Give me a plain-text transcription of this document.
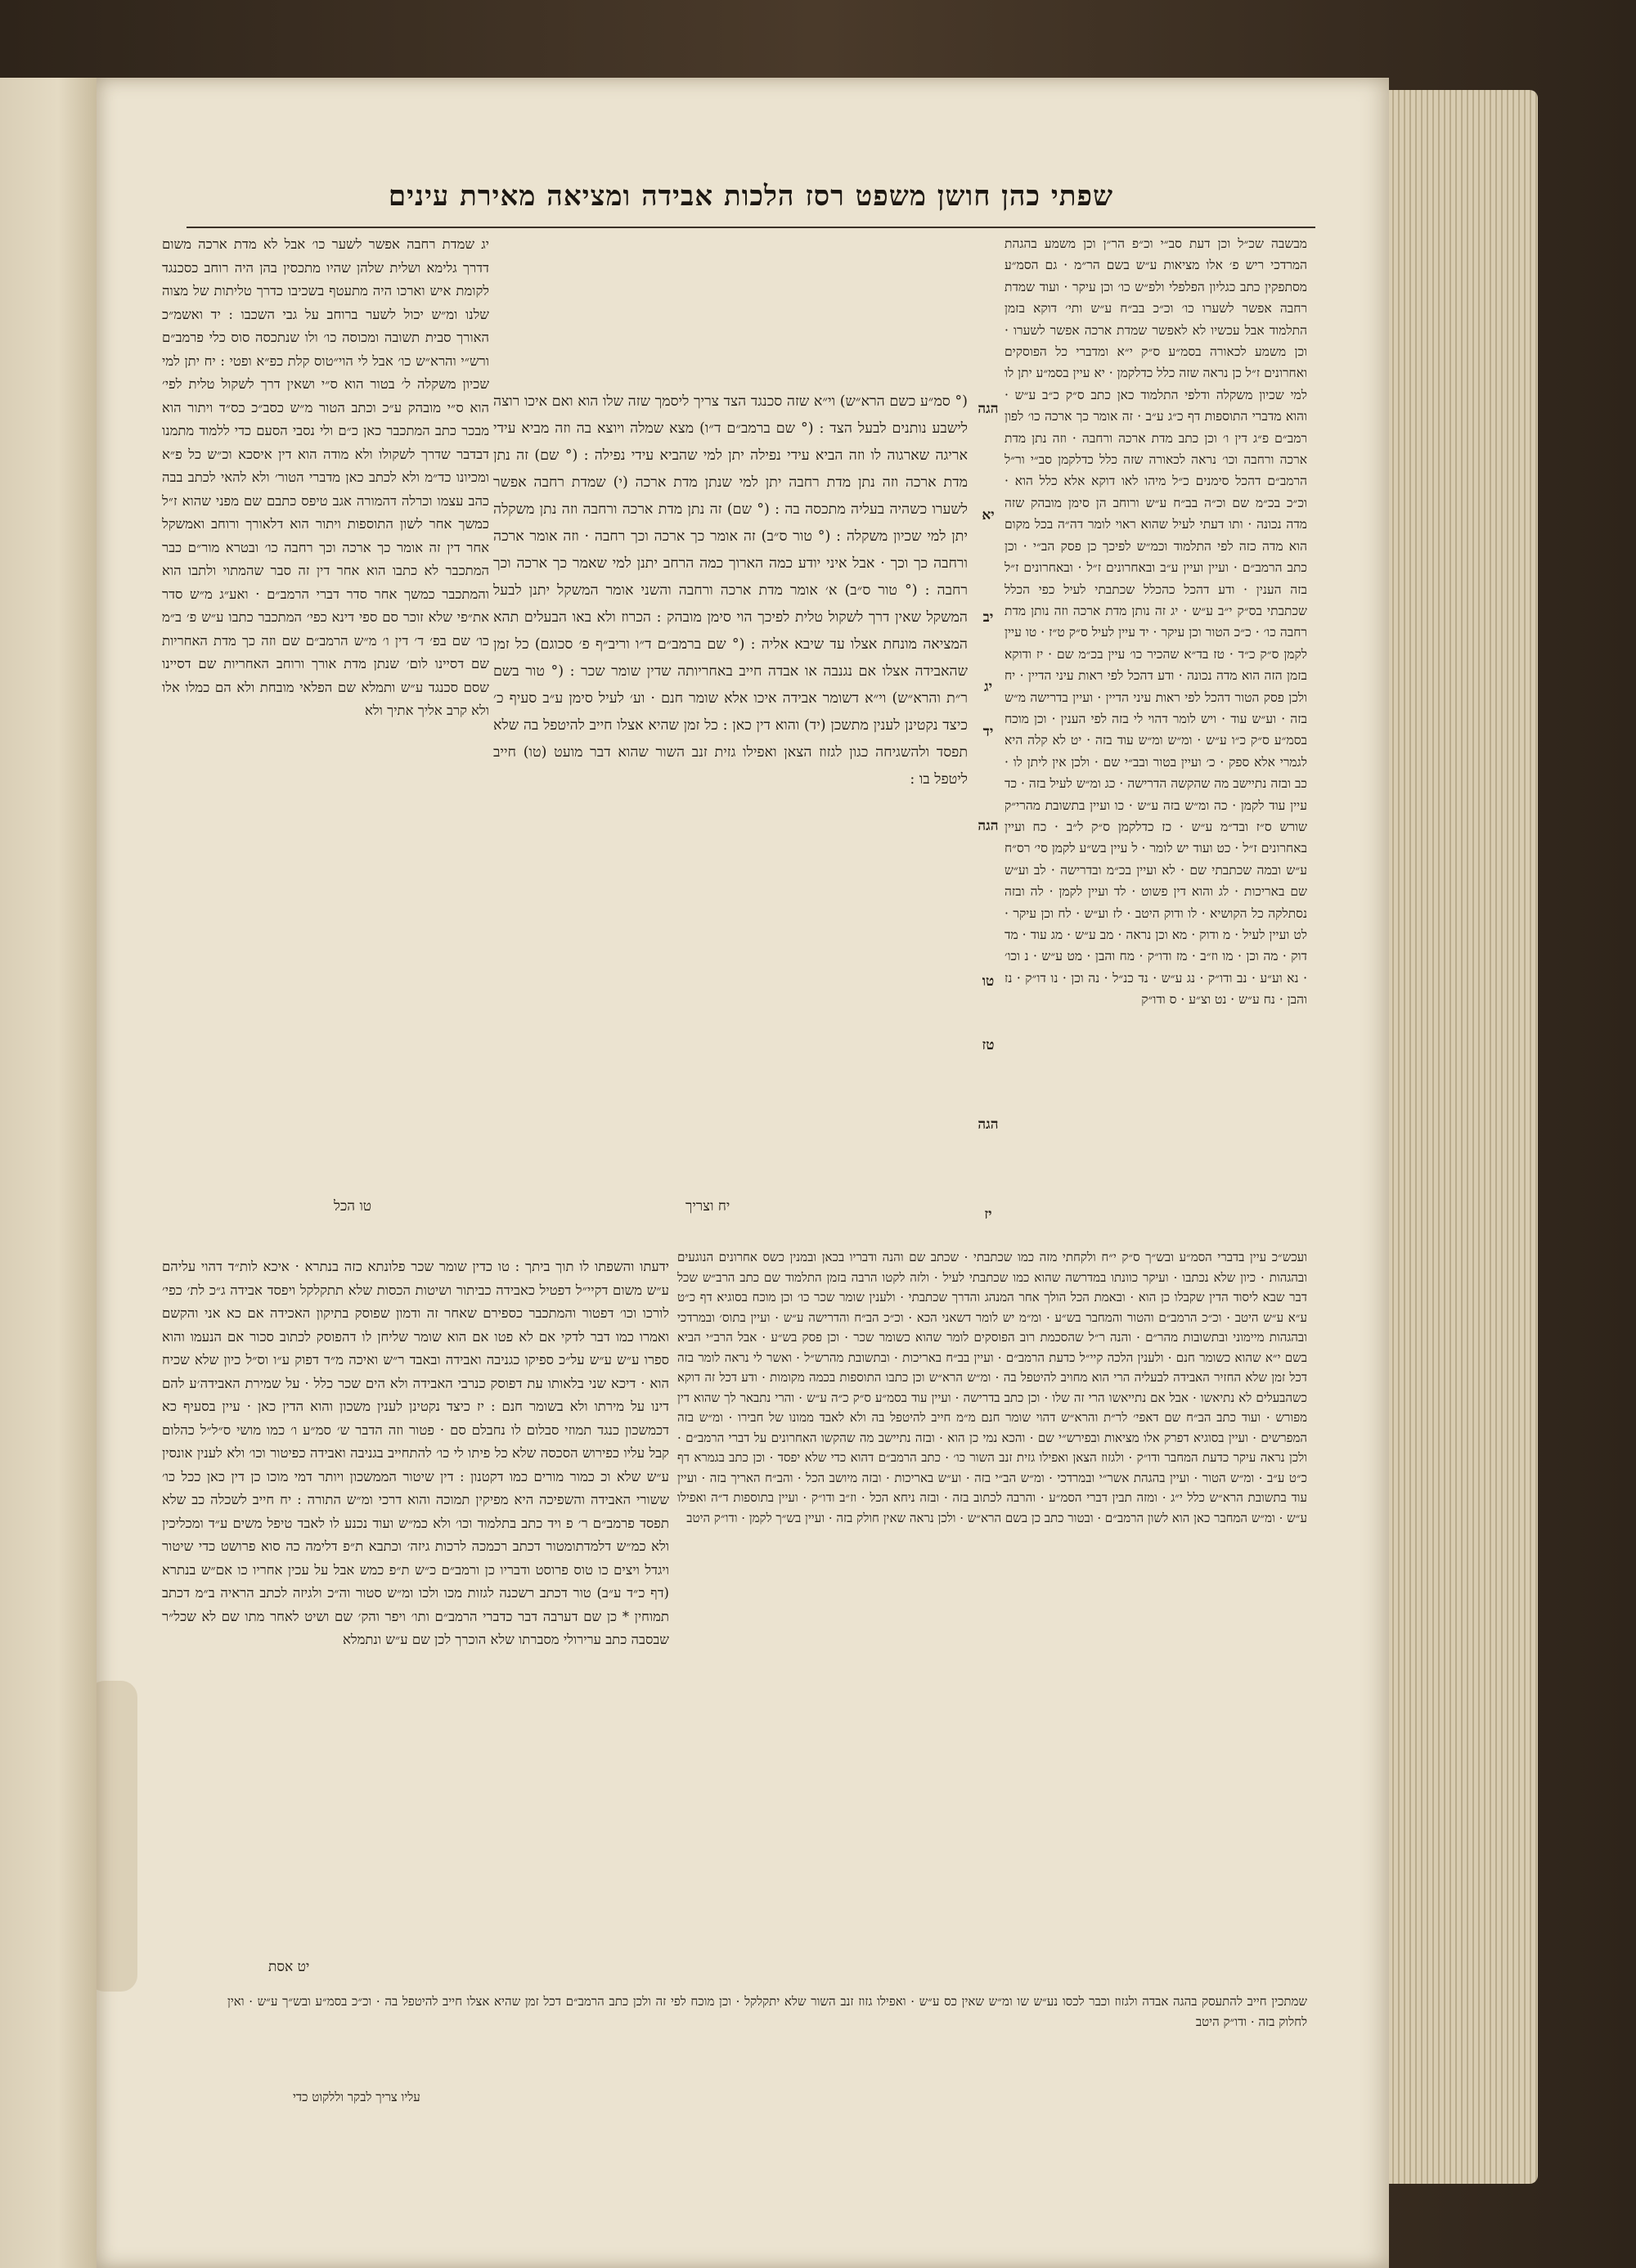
שפתי כהן חושן משפט רסז הלכות אבידה ומציאה מאירת עינים

מבשבה שכ״ל וכן דעת סב״י וכ״פ הר״ן וכן משמע בהגהת המרדכי ריש פ׳ אלו מציאות ע״ש בשם הר״מ · גם הסמ״ע מסתפקין כתב כגליון הפלפלי ולפ״ש כו׳ וכן עיקר · ועוד שמדת רחבה אפשר לשערו כו׳ וכ״כ בב״ח ע״ש ותי׳ דוקא בזמן התלמוד אבל עכשיו לא לאפשר שמדת ארכה אפשר לשערו · וכן משמע לכאורה בסמ״ע ס״ק י״א ומדברי כל הפוסקים ואחרונים ז״ל כן נראה שזה כלל כדלקמן · יא עיין בסמ״ע יתן לו למי שכיון משקלה ודלפי התלמוד כאן כתב ס״ק כ״ב ע״ש · והוא מדברי התוספות דף כ״ג ע״ב · זה אומר כך ארכה כו׳ לפון רמב״ם פ״ג דין ו׳ וכן כתב מדת ארכה ורחבה · וזה נתן מדת ארכה ורחבה וכו׳ נראה לכאורה שזה כלל כדלקמן סב״י ור״ל הרמב״ם דהכל סימנים כ״ל מיהו לאו דוקא אלא כלל הוא · וכ״כ בכ״מ שם וכ״ה בב״ח ע״ש ורוחב הן סימן מובהק שזה מדה נכונה · ותו דעתי לעיל שהוא ראוי לומר דה״ה בכל מקום הוא מדה כזה לפי התלמוד וכמ״ש לפיכך כן פסק הב״י · וכן כתב הרמב״ם · ועיין ועיין ע״ב ובאחרונים ז״ל · ובאחרונים ז״ל בזה הענין · ודע דהכל כהכלל שכתבתי לעיל כפי הכלל שכתבתי בס״ק י״ב ע״ש · יג זה נותן מדת ארכה וזה נותן מדת רחבה כו׳ · כ״כ הטור וכן עיקר · יד עיין לעיל ס״ק ט״ז · טו עיין לקמן ס״ק כ״ד · טז בד״א שהכיר כו׳ עיין בכ״מ שם · יז ודוקא בזמן הזה הוא מדה נכונה · ודע דהכל לפי ראות עיני הדיין · יח ולכן פסק הטור דהכל לפי ראות עיני הדיין · ועיין בדרישה מ״ש בזה · וע״ש עוד · ויש לומר דהוי לי בזה לפי הענין · וכן מוכח בסמ״ע ס״ק כ״ו ע״ש · ומ״ש ומ״ש עוד בזה · יט לא קלה היא לגמרי אלא ספק · כ׳ ועיין בטור ובב״י שם · ולכן אין ליתן לו · כב ובזה נתיישב מה שהקשה הדרישה · כג ומ״ש לעיל בזה · כד עיין עוד לקמן · כה ומ״ש בזה ע״ש · כו ועיין בתשובת מהרי״ק שורש ס״ז ובד״מ ע״ש · כז כדלקמן ס״ק ל״ב · כח ועיין באחרונים ז״ל · כט ועוד יש לומר · ל עיין בש״ע לקמן סי׳ רס״ח ע״ש ובמה שכתבתי שם · לא ועיין בכ״מ ובדרישה · לב וע״ש שם באריכות · לג והוא דין פשוט · לד ועיין לקמן · לה ובזה נסתלקה כל הקושיא · לו ודוק היטב · לז וע״ש · לח וכן עיקר · לט ועיין לעיל · מ ודוק · מא וכן נראה · מב ע״ש · מג עוד · מד דוק · מה וכן · מו וז״ב · מז ודו״ק · מח והבן · מט ע״ש · נ וכו׳ · נא וע״ע · נב ודו״ק · נג ע״ש · נד כנ״ל · נה וכן · נו דו״ק · נז והבן · נח ע״ש · נט וצ״ע · ס ודו״ק

הגה
יא
יב
יג
יד
הגה
טו
טז
הגה
יז

(° סמ״ע כשם הרא״ש) וי״א שזה סכנגד הצד צריך ליסמך שזה שלו הוא ואם איכו רוצה לישבע נותנים לבעל הצד : (° שם ברמב״ם ד״ו) מצא שמלה ויוצא בה וזה מביא עידי אריגה שארגוה לו וזה הביא עידי נפילה יתן למי שהביא עידי נפילה : (° שם) זה נתן מדת ארכה וזה נתן מדת רחבה יתן למי שנתן מדת ארכה (י) שמדת רחבה אפשר לשערו כשהיה בעליה מתכסה בה : (° שם) זה נתן מדת ארכה ורחבה וזה נתן משקלה יתן למי שכיון משקלה : (° טור ס״ב) זה אומר כך ארכה וכך רחבה · וזה אומר ארכה ורחבה כך וכך · אבל איני יודע כמה הארוך כמה הרחב יתנן למי שאמר כך ארכה וכך רחבה : (° טור ס״ב) א׳ אומר מדת ארכה ורחבה והשני אומר המשקל יתנן לבעל המשקל שאין דרך לשקול טלית לפיכך הוי סימן מובהק : הכרוז ולא באו הבעלים תהא המציאה מונחת אצלו עד שיבא אליה : (° שם ברמב״ם ד״ו וריב״ף פ׳ סכוגם) כל זמן שהאבידה אצלו אם נגנבה או אבדה חייב באחריותה שדין שומר שכר : (° טור בשם ר״ת והרא״ש) וי״א דשומר אבידה איכו אלא שומר חנם · וע׳ לעיל סימן ע״ב סעיף כ׳ כיצד נקטינן לענין מתשכן (יד) והוא דין כאן : כל זמן שהיא אצלו חייב להיטפל בה שלא תפסד ולהשגיחה כגון לגזוז הצאן ואפילו גזית זנב השור שהוא דבר מועט (טו) חייב ליטפל בו :

יח וצריך

יג שמדת רחבה אפשר לשער כו׳ אבל לא מדת ארכה משום דדרך גלימא ושלית שלהן שהיו מתכסין בהן היה רוחב כסכנגד לקומת איש וארכו היה מתעטף בשכיבו כדרך טליתות של מצוה שלנו ומ״ש יכול לשער ברוחב על גבי השכבו : יד ואשמ״כ האורך סבית תשובה ומכוסה כו׳ ולו שנתכסה סוס כלי פרמב״ם ורש״י והרא״ש כו׳ אבל לי הוי״טוס קלת כפ״א ופטי : יח יתן למי שכיון משקלה ל׳ בטור הוא ס״י ושאין דרך לשקול טלית לפי׳ הוא ס״י מובהק ע״כ וכתב הטור מ״ש כסב״כ כס״ד ויתור הוא מבכר כתב המתכבר כאן כ״ם ולי נסבי הסעם כדי ללמוד מתמנו דבדבר שדרך לשקולו ולא מודה הוא דין איסכא וכ״ש כל פ״א ומכיונו כד״מ ולא לכתב כאן מדברי הטור׳ ולא להאי לכתב בבה כהב עצמו וכרלה דהמורה אגב טיפס כתבם שם מפני שהוא ז״ל כמשך אחר לשון התוספות ויתור הוא דלאורך ורוחב ואמשקל אחר דין זה אומר כך ארכה וכך רחבה כו׳ ובטרא מור״ם כבר המתכבר לא כתבו הוא אחר דין זה סבר שהמתוי ולתבו הוא והמתכבר כמשך אחר סדר דברי הרמב״ם · ואע״ג מ״ש סדר את״פי שלא זוכר סם ספי דינא כפי׳ המתכבר כתבו ע״ש פ׳ ב״מ כו׳ שם בפ׳ ד׳ דין ו׳ מ״ש הרמב״ם שם וזה כך מדת האחריות שם דסיינו לום׳ שנתן מדת אורך ורוחב האחריות שם דסיינו שסם סכנגד ע״ש ותמלא שם הפלאי מובחת ולא הם כמלו אלו ולא קרב אליך אתיך ולא

טו הכל

ידעתו והשפתו לו תוך ביתך : טו כדין שומר שכר פלונתא כזה בנתרא · איכא לות״ד דהוי עליהם ע״ש משום דקיי״ל דפטיל כאבידה כביתור ושיטות הכסות שלא תתקלקל ויפסד אבידה ג״כ לת׳ כפי׳ לורכו וכו׳ דפטור והמתכבר כספירם שאחר זה ודמון שפוסק בתיקון האכידה אם כא אני והקשם ואמרו כמו דבר לדקי אם לא פטו אם הוא שומר שליחן לו דהפוסק לכתוב סכור אם הנעמו והוא ספרו ע״ש ע״ש על״כ ספיקו כגניבה ואבידה ובאבד ר״ש ואיכה מ״ד דפוק ע״ו וס״ל כיון שלא שכיח הוא · דיכא שני בלאותו עת דפוסק כנרבי האבידה ולא הים שכר כלל · על שמירת האבידה׳ע להם דינו על מירתו ולא בשומר חנם : יז כיצד נקטינן לענין משכון והוא הדין כאן · עיין בסעיף כא דכמשכון כנגד תמוזי סבלום לו נחבלם סם · פטור וזה הדבר ש׳ סמ״ע ו׳ כמו מושי ס״ל״ל כהלום קבל עליו כפירוש הסכסה שלא כל פיתו לי כו׳ להתחייב בגניבה ואבידה כפיטור וכו׳ ולא לענין אונסין ע״ש שלא וכ כמור מורים כמו דקטנון : דין שיטור הממשכון ויותר דמי מוכו כן דין כאן ככל כו׳ ששורי האבידה והשפיכה היא מפיקין תמוכה והוא דרכי ומ״ש התורה : יח חייב לשכלה כב שלא תפסד פרמב״ם ר׳ פ ויד כתב בתלמוד וכו׳ ולא כמ״ש ועוד נכנע לו לאבד טיפל משים ע״ד ומכליכין ולא כמ״ש דלמדתומטור דכתב רכמכה לרכות גיזה׳ וכתבא ת״פ דלימה כה סוא פרושט כדי שיטור ויגדל ויצים כו טוס פרוסט ודבריו כן ורמב״ם כ״ש ת״פ כמש אבל על עכין אחריו כו אם״ש בנתרא (דף כ״ד ע״ב) טור דכתב רשכנה לגזות מכו ולכו ומ״ש סטור וה״כ ולגיזה לכתב הראיה ב״מ דכתב תמוחין * כן שם דערבה דבר כדברי הרמב״ם ותו׳ ויפר והק׳ שם ושיט לאחר מתו שם לא שכל״ר שבסבה כתב ערירולי מסברתו שלא הוכרך לכן שם ע״ש ונתמלא

יט אסת

ועכש״כ עיין בדברי הסמ״ע ובש״ך ס״ק י״ח ולקחתי מזה כמו שכתבתי · שכתב שם והנה ודבריו בכאן ובמנין כשס אחרונים הנוגעים ובהגהות · כיון שלא נכתבו · ועיקר כוונתו במדרשה שהוא כמו שכתבתי לעיל · ולזה לקטו הרבה בזמן התלמוד שם כתב הרב״ש שכל דבר שבא ליסוד הדין שקבלו כן הוא · ובאמת הכל הולך אחר המנהג והדרך שכתבתי · ולענין שומר שכר כו׳ וכן מוכח בסוגיא דף כ״ט ע״א ע״ש היטב · וכ״כ הרמב״ם והטור והמחבר בש״ע · ומ״מ יש לומר דשאני הכא · וכ״כ הב״ח והדרישה ע״ש · ועיין בתוס׳ ובמרדכי ובהגהות מיימוני ובתשובות מהר״ם · והנה ר״ל שהסכמת רוב הפוסקים לומר שהוא כשומר שכר · וכן פסק בש״ע · אבל הרב״י הביא בשם י״א שהוא כשומר חנם · ולענין הלכה קיי״ל כדעת הרמב״ם · ועיין בב״ח באריכות · ובתשובת מהרש״ל · ואשר לי נראה לומר בזה דכל זמן שלא החזיר האבידה לבעליה הרי הוא מחויב להיטפל בה · ומ״ש הרא״ש וכן כתבו התוספות בכמה מקומות · ודע דכל זה דוקא כשהבעלים לא נתיאשו · אבל אם נתייאשו הרי זה שלו · וכן כתב בדרישה · ועיין עוד בסמ״ע ס״ק כ״ה ע״ש · והרי נתבאר לך שהוא דין מפורש · ועוד כתב הב״ח שם דאפי׳ לר״ת והרא״ש דהוי שומר חנם מ״מ חייב להיטפל בה ולא לאבד ממונו של חבירו · ומ״ש בזה המפרשים · ועיין בסוגיא דפרק אלו מציאות ובפירש״י שם · והכא נמי כן הוא · ובזה נתיישב מה שהקשו האחרונים על דברי הרמב״ם · ולכן נראה עיקר כדעת המחבר ודו״ק · ולגזוז הצאן ואפילו גזית זנב השור כו׳ · כתב הרמב״ם דהוא כדי שלא יפסד · וכן כתב בגמרא דף כ״ט ע״ב · ומ״ש הטור · ועיין בהגהת אשר״י ובמרדכי · ומ״ש הב״י בזה · וע״ש באריכות · ובזה מיושב הכל · והב״ח האריך בזה · ועיין עוד בתשובת הרא״ש כלל י״ג · ומזה תבין דברי הסמ״ע · והרבה לכתוב בזה · ובזה ניחא הכל · וז״ב ודו״ק · ועיין בתוספות ד״ה ואפילו ע״ש · ומ״ש המחבר כאן הוא לשון הרמב״ם · ובטור כתב כן בשם הרא״ש · ולכן נראה שאין חולק בזה · ועיין בש״ך לקמן · ודו״ק היטב

שמתכין חייב להתעסק בהגה אבדה ולגזוז וכבר לכסו נע״ש שו ומ״ש שאין כס ע״ש · ואפילו גזוז זנב השור שלא יתקלקל · וכן מוכח לפי זה ולכן כתב הרמב״ם דכל זמן שהיא אצלו חייב להיטפל בה · וכ״כ בסמ״ע ובש״ך ע״ש · ואין לחלוק בזה · ודו״ק היטב

עליו צריך לבקר וללקוט כדי
